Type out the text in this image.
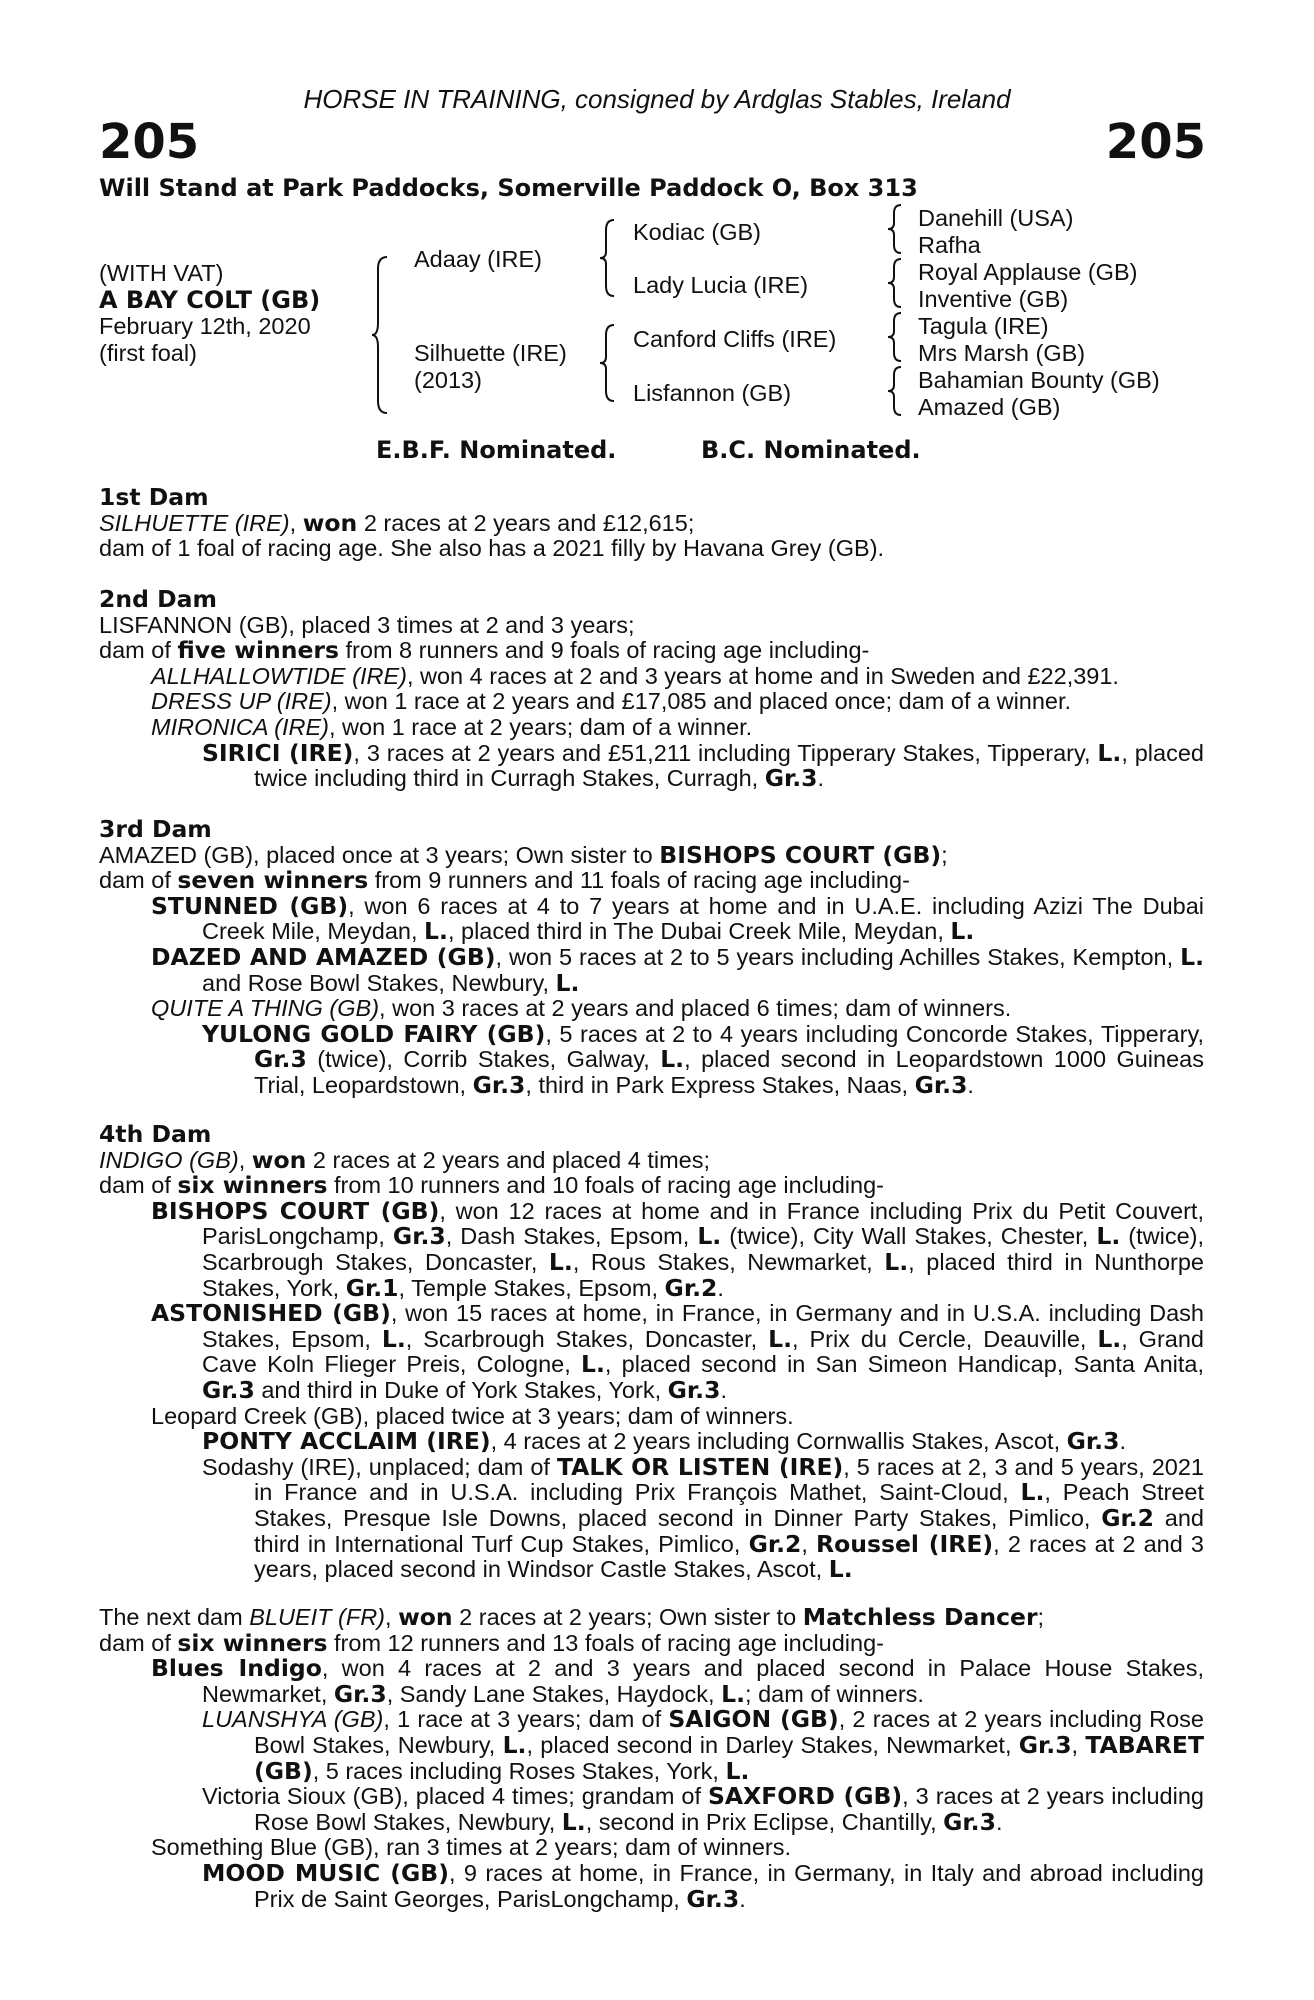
HORSE IN TRAINING, consigned by Ardglas Stables, Ireland
205	205
Will Stand at Park Paddocks, Somerville Paddock O, Box 313
(WITH VAT)
A BAY COLT (GB)
February 12th, 2020
(first foal)
Adaay (IRE)
Silhuette (IRE)
(2013)
Kodiac (GB)
Lady Lucia (IRE)
Canford Cliffs (IRE)
Lisfannon (GB)
Danehill (USA)
Rafha
Royal Applause (GB)
Inventive (GB)
Tagula (IRE)
Mrs Marsh (GB)
Bahamian Bounty (GB)
Amazed (GB)
E.B.F. Nominated.	B.C. Nominated.
1st Dam

SILHUETTE (IRE), won 2 races at 2 years and £12,615;

dam of 1 foal of racing age. She also has a 2021 filly by Havana Grey (GB).

2nd Dam

LISFANNON (GB), placed 3 times at 2 and 3 years;

dam of five winners from 8 runners and 9 foals of racing age including-

ALLHALLOWTIDE (IRE), won 4 races at 2 and 3 years at home and in Sweden and £22,391.

DRESS UP (IRE), won 1 race at 2 years and £17,085 and placed once; dam of a winner.

MIRONICA (IRE), won 1 race at 2 years; dam of a winner.

SIRICI (IRE), 3 races at 2 years and £51,211 including Tipperary Stakes, Tipperary, L., placed twice including third in Curragh Stakes, Curragh, Gr.3.

3rd Dam

AMAZED (GB), placed once at 3 years; Own sister to BISHOPS COURT (GB);

dam of seven winners from 9 runners and 11 foals of racing age including-

STUNNED (GB), won 6 races at 4 to 7 years at home and in U.A.E. including Azizi The Dubai Creek Mile, Meydan, L., placed third in The Dubai Creek Mile, Meydan, L.

DAZED AND AMAZED (GB), won 5 races at 2 to 5 years including Achilles Stakes, Kempton, L. and Rose Bowl Stakes, Newbury, L.

QUITE A THING (GB), won 3 races at 2 years and placed 6 times; dam of winners.

YULONG GOLD FAIRY (GB), 5 races at 2 to 4 years including Concorde Stakes, Tipperary, Gr.3 (twice), Corrib Stakes, Galway, L., placed second in Leopardstown 1000 Guineas Trial, Leopardstown, Gr.3, third in Park Express Stakes, Naas, Gr.3.

4th Dam

INDIGO (GB), won 2 races at 2 years and placed 4 times;

dam of six winners from 10 runners and 10 foals of racing age including-

BISHOPS COURT (GB), won 12 races at home and in France including Prix du Petit Couvert, ParisLongchamp, Gr.3, Dash Stakes, Epsom, L. (twice), City Wall Stakes, Chester, L. (twice), Scarbrough Stakes, Doncaster, L., Rous Stakes, Newmarket, L., placed third in Nunthorpe Stakes, York, Gr.1, Temple Stakes, Epsom, Gr.2.

ASTONISHED (GB), won 15 races at home, in France, in Germany and in U.S.A. including Dash Stakes, Epsom, L., Scarbrough Stakes, Doncaster, L., Prix du Cercle, Deauville, L., Grand Cave Koln Flieger Preis, Cologne, L., placed second in San Simeon Handicap, Santa Anita, Gr.3 and third in Duke of York Stakes, York, Gr.3.

Leopard Creek (GB), placed twice at 3 years; dam of winners.

PONTY ACCLAIM (IRE), 4 races at 2 years including Cornwallis Stakes, Ascot, Gr.3.

Sodashy (IRE), unplaced; dam of TALK OR LISTEN (IRE), 5 races at 2, 3 and 5 years, 2021 in France and in U.S.A. including Prix François Mathet, Saint-Cloud, L., Peach Street Stakes, Presque Isle Downs, placed second in Dinner Party Stakes, Pimlico, Gr.2 and third in International Turf Cup Stakes, Pimlico, Gr.2, Roussel (IRE), 2 races at 2 and 3 years, placed second in Windsor Castle Stakes, Ascot, L.

The next dam BLUEIT (FR), won 2 races at 2 years; Own sister to Matchless Dancer;

dam of six winners from 12 runners and 13 foals of racing age including-

Blues Indigo, won 4 races at 2 and 3 years and placed second in Palace House Stakes, Newmarket, Gr.3, Sandy Lane Stakes, Haydock, L.; dam of winners.

LUANSHYA (GB), 1 race at 3 years; dam of SAIGON (GB), 2 races at 2 years including Rose Bowl Stakes, Newbury, L., placed second in Darley Stakes, Newmarket, Gr.3, TABARET (GB), 5 races including Roses Stakes, York, L.

Victoria Sioux (GB), placed 4 times; grandam of SAXFORD (GB), 3 races at 2 years including Rose Bowl Stakes, Newbury, L., second in Prix Eclipse, Chantilly, Gr.3.

Something Blue (GB), ran 3 times at 2 years; dam of winners.

MOOD MUSIC (GB), 9 races at home, in France, in Germany, in Italy and abroad including Prix de Saint Georges, ParisLongchamp, Gr.3.
